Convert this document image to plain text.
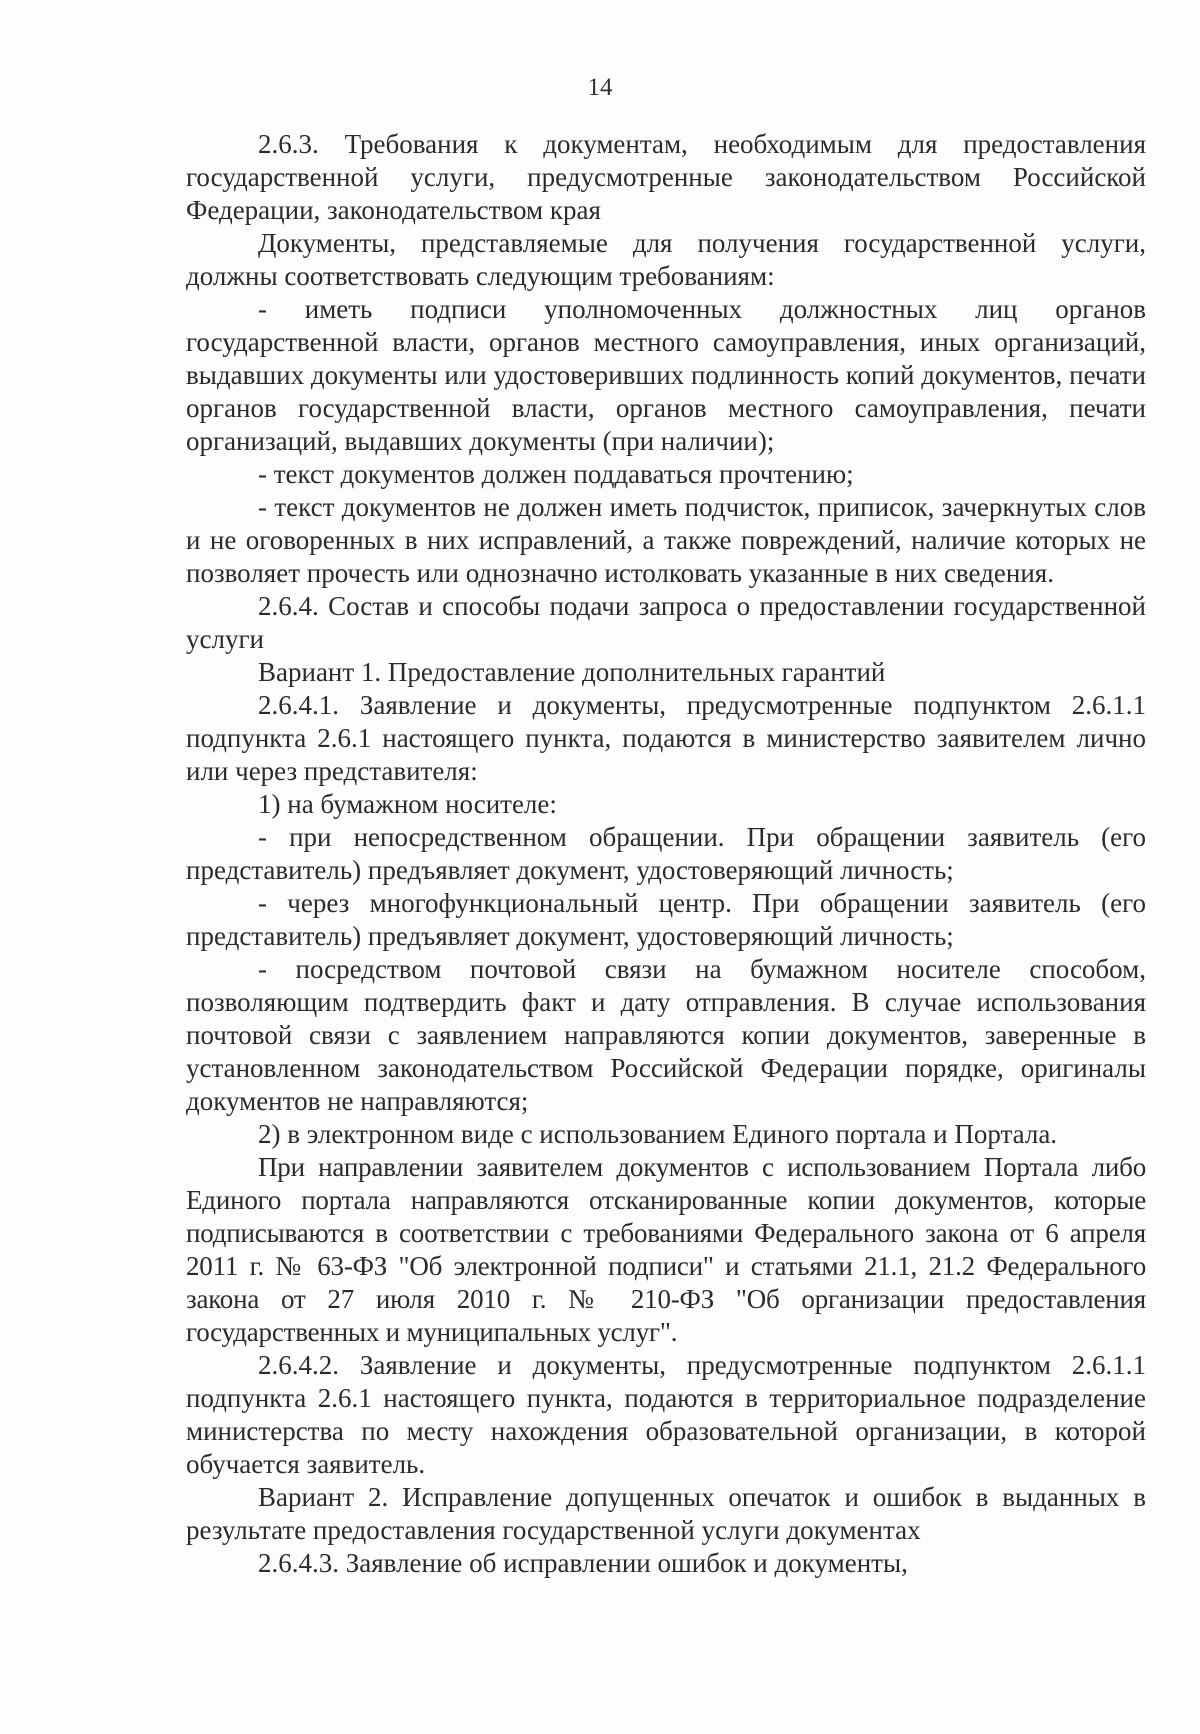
14

2.6.3. Требования к документам, необходимым для предоставления государственной услуги, предусмотренные законодательством Российской Федерации, законодательством края

Документы, представляемые для получения государственной услуги, должны соответствовать следующим требованиям:

- иметь подписи уполномоченных должностных лиц органов государственной власти, органов местного самоуправления, иных организаций, выдавших документы или удостоверивших подлинность копий документов, печати органов государственной власти, органов местного самоуправления, печати организаций, выдавших документы (при наличии);

- текст документов должен поддаваться прочтению;

- текст документов не должен иметь подчисток, приписок, зачеркнутых слов и не оговоренных в них исправлений, а также повреждений, наличие которых не позволяет прочесть или однозначно истолковать указанные в них сведения.

2.6.4. Состав и способы подачи запроса о предоставлении государственной услуги

Вариант 1. Предоставление дополнительных гарантий

2.6.4.1. Заявление и документы, предусмотренные подпунктом 2.6.1.1 подпункта 2.6.1 настоящего пункта, подаются в министерство заявителем лично или через представителя:

1) на бумажном носителе:

- при непосредственном обращении. При обращении заявитель (его представитель) предъявляет документ, удостоверяющий личность;

- через многофункциональный центр. При обращении заявитель (его представитель) предъявляет документ, удостоверяющий личность;

- посредством почтовой связи на бумажном носителе способом, позволяющим подтвердить факт и дату отправления. В случае использования почтовой связи с заявлением направляются копии документов, заверенные в установленном законодательством Российской Федерации порядке, оригиналы документов не направляются;

2) в электронном виде с использованием Единого портала и Портала.

При направлении заявителем документов с использованием Портала либо Единого портала направляются отсканированные копии документов, которые подписываются в соответствии с требованиями Федерального закона от 6 апреля 2011 г. № 63-ФЗ "Об электронной подписи" и статьями 21.1, 21.2 Федерального закона от 27 июля 2010 г. № 210-ФЗ "Об организации предоставления государственных и муниципальных услуг".

2.6.4.2. Заявление и документы, предусмотренные подпунктом 2.6.1.1 подпункта 2.6.1 настоящего пункта, подаются в территориальное подразделение министерства по месту нахождения образовательной организации, в которой обучается заявитель.

Вариант 2. Исправление допущенных опечаток и ошибок в выданных в результате предоставления государственной услуги документах

2.6.4.3. Заявление об исправлении ошибок и документы,
